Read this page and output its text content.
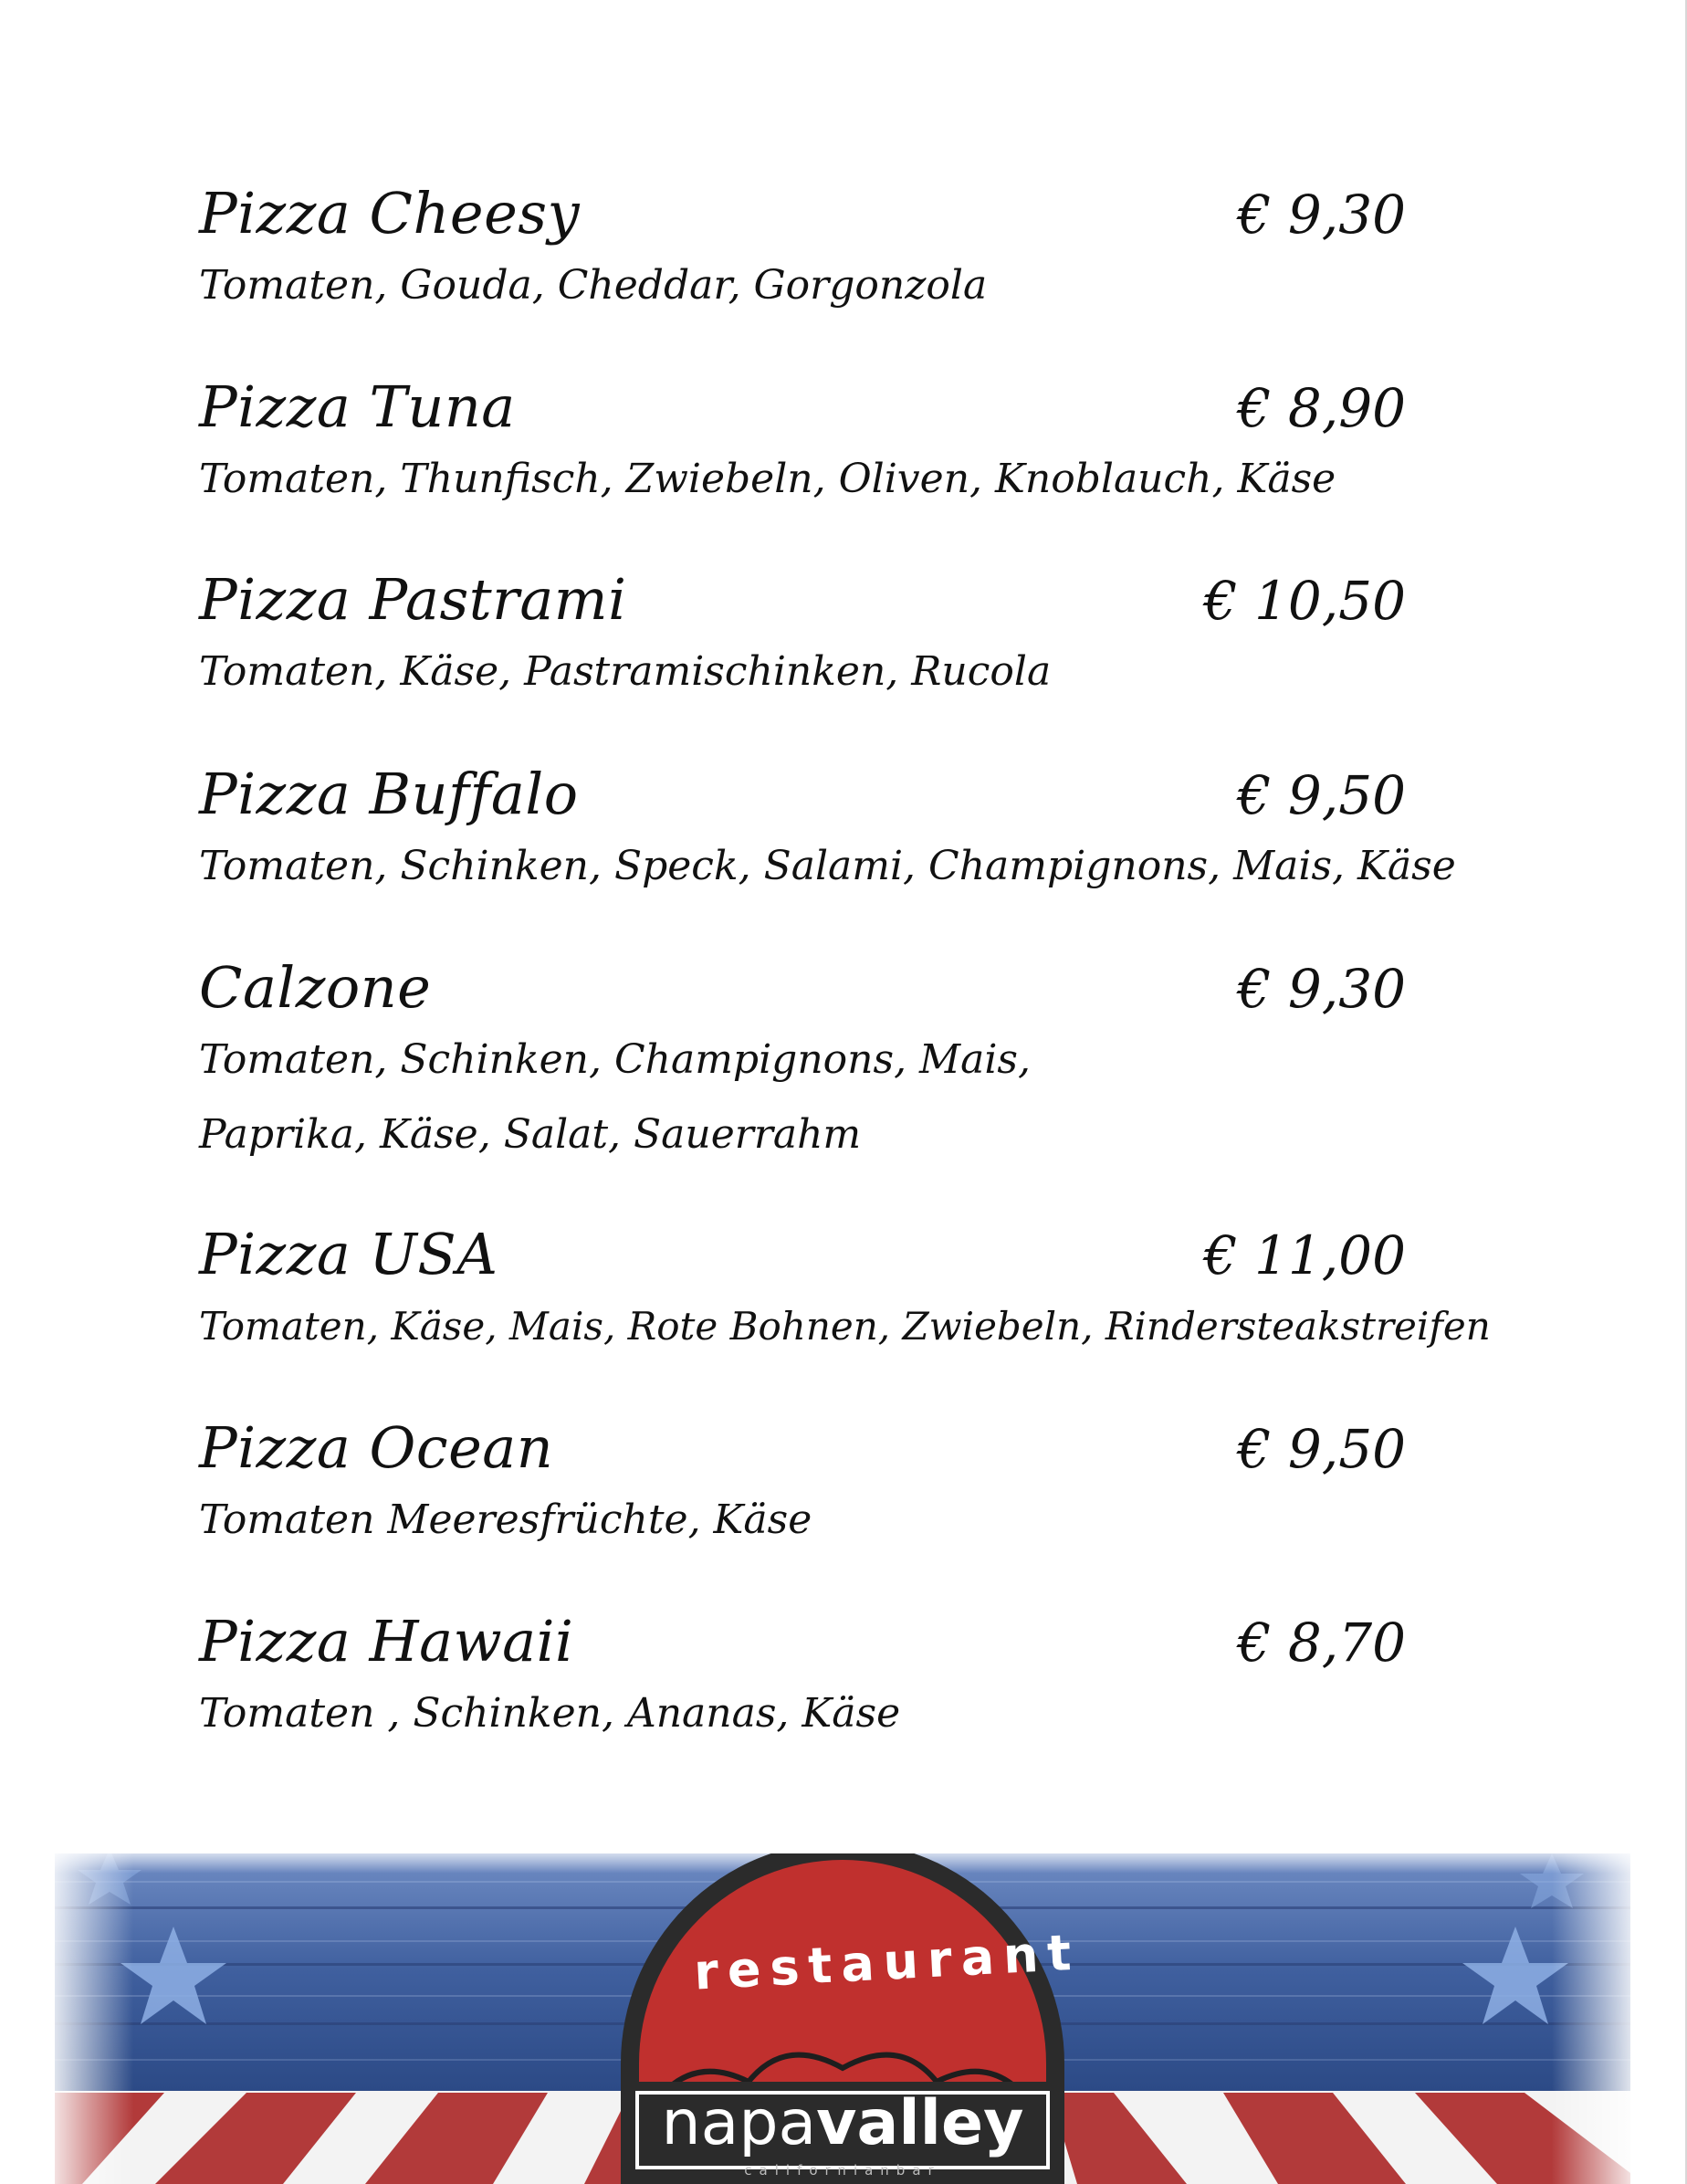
Pizza Cheesy	€ 9,30
Tomaten, Gouda, Cheddar, Gorgonzola
Pizza Tuna	€ 8,90
Tomaten, Thunfisch, Zwiebeln, Oliven, Knoblauch, Käse
Pizza Pastrami	€ 10,50
Tomaten, Käse, Pastramischinken, Rucola
Pizza Buffalo	€ 9,50
Tomaten, Schinken, Speck, Salami, Champignons, Mais, Käse
Calzone	€ 9,30
Tomaten, Schinken, Champignons, Mais,
Paprika, Käse, Salat, Sauerrahm
Pizza USA	€ 11,00
Tomaten, Käse, Mais, Rote Bohnen, Zwiebeln, Rindersteakstreifen
Pizza Ocean	€ 9,50
Tomaten Meeresfrüchte, Käse
Pizza Hawaii	€ 8,70
Tomaten , Schinken, Ananas, Käse
restaurant
napavalley
californianbar
